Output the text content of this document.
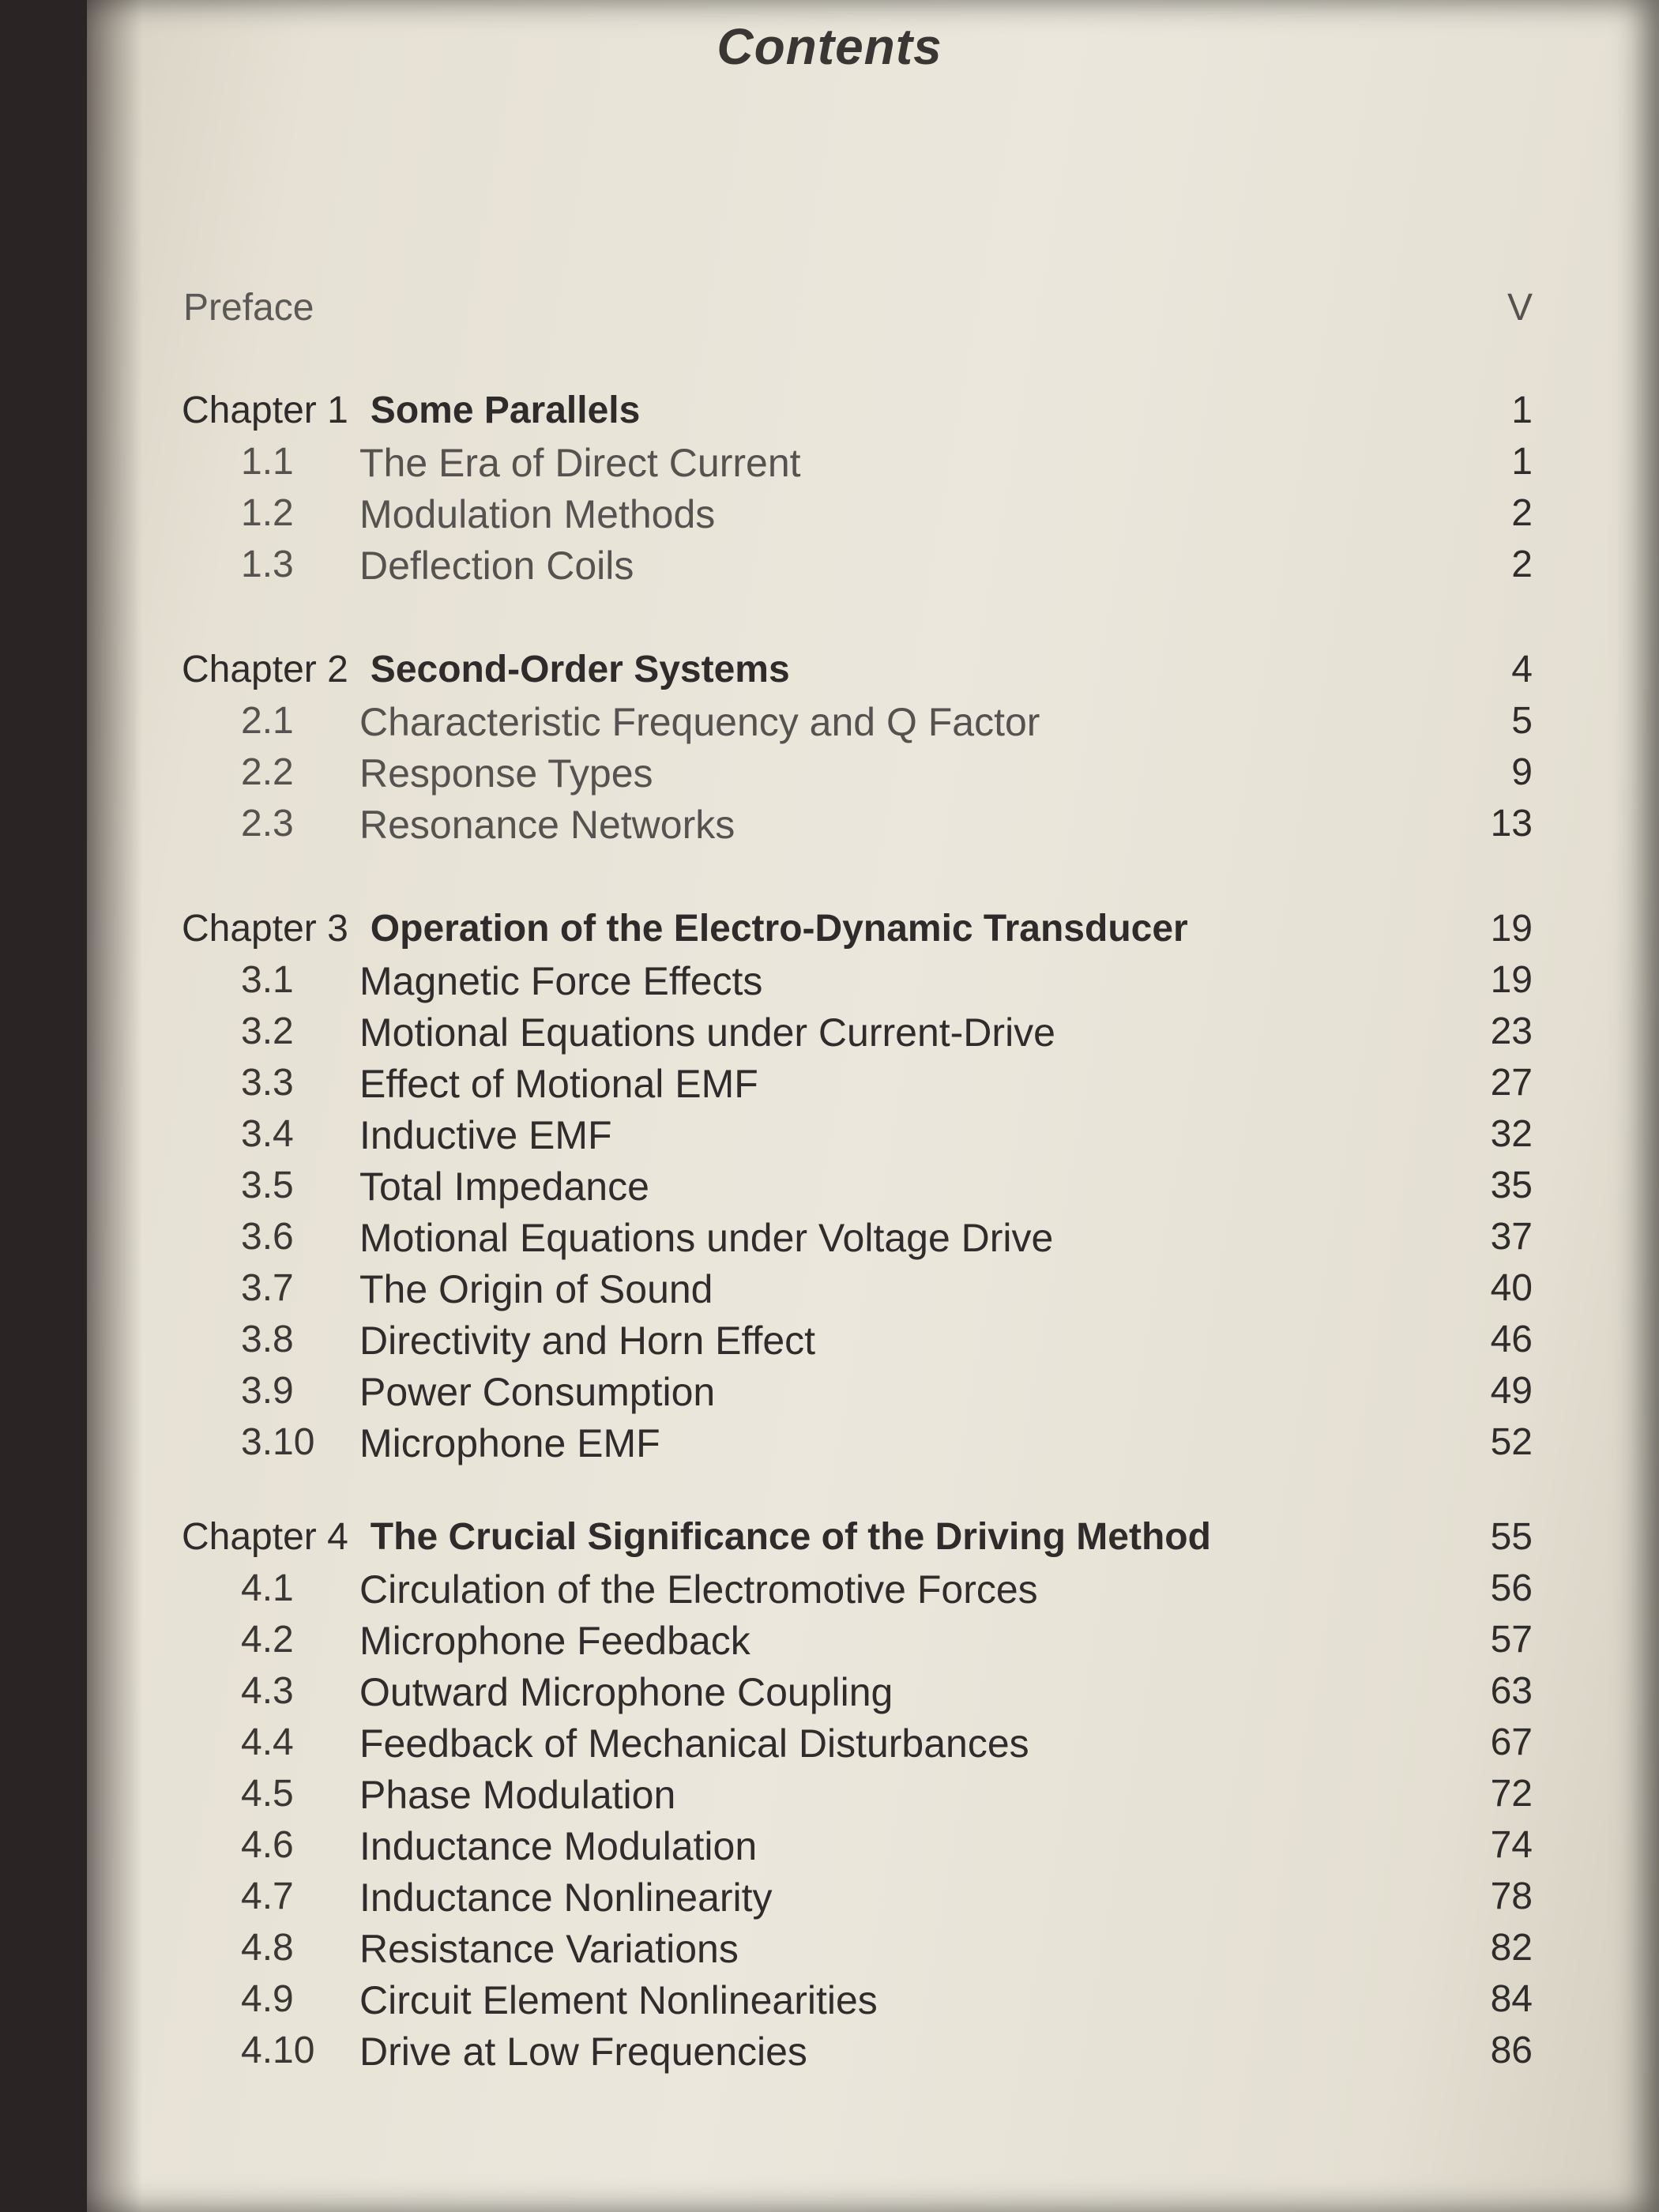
Contents
Preface	V
Chapter 1 Some Parallels	1
1.1 The Era of Direct Current	1
1.2 Modulation Methods	2
1.3 Deflection Coils	2
Chapter 2 Second-Order Systems	4
2.1 Characteristic Frequency and Q Factor	5
2.2 Response Types	9
2.3 Resonance Networks	13
Chapter 3 Operation of the Electro-Dynamic Transducer	19
3.1 Magnetic Force Effects	19
3.2 Motional Equations under Current-Drive	23
3.3 Effect of Motional EMF	27
3.4 Inductive EMF	32
3.5 Total Impedance	35
3.6 Motional Equations under Voltage Drive	37
3.7 The Origin of Sound	40
3.8 Directivity and Horn Effect	46
3.9 Power Consumption	49
3.10 Microphone EMF	52
Chapter 4 The Crucial Significance of the Driving Method	55
4.1 Circulation of the Electromotive Forces	56
4.2 Microphone Feedback	57
4.3 Outward Microphone Coupling	63
4.4 Feedback of Mechanical Disturbances	67
4.5 Phase Modulation	72
4.6 Inductance Modulation	74
4.7 Inductance Nonlinearity	78
4.8 Resistance Variations	82
4.9 Circuit Element Nonlinearities	84
4.10 Drive at Low Frequencies	86
